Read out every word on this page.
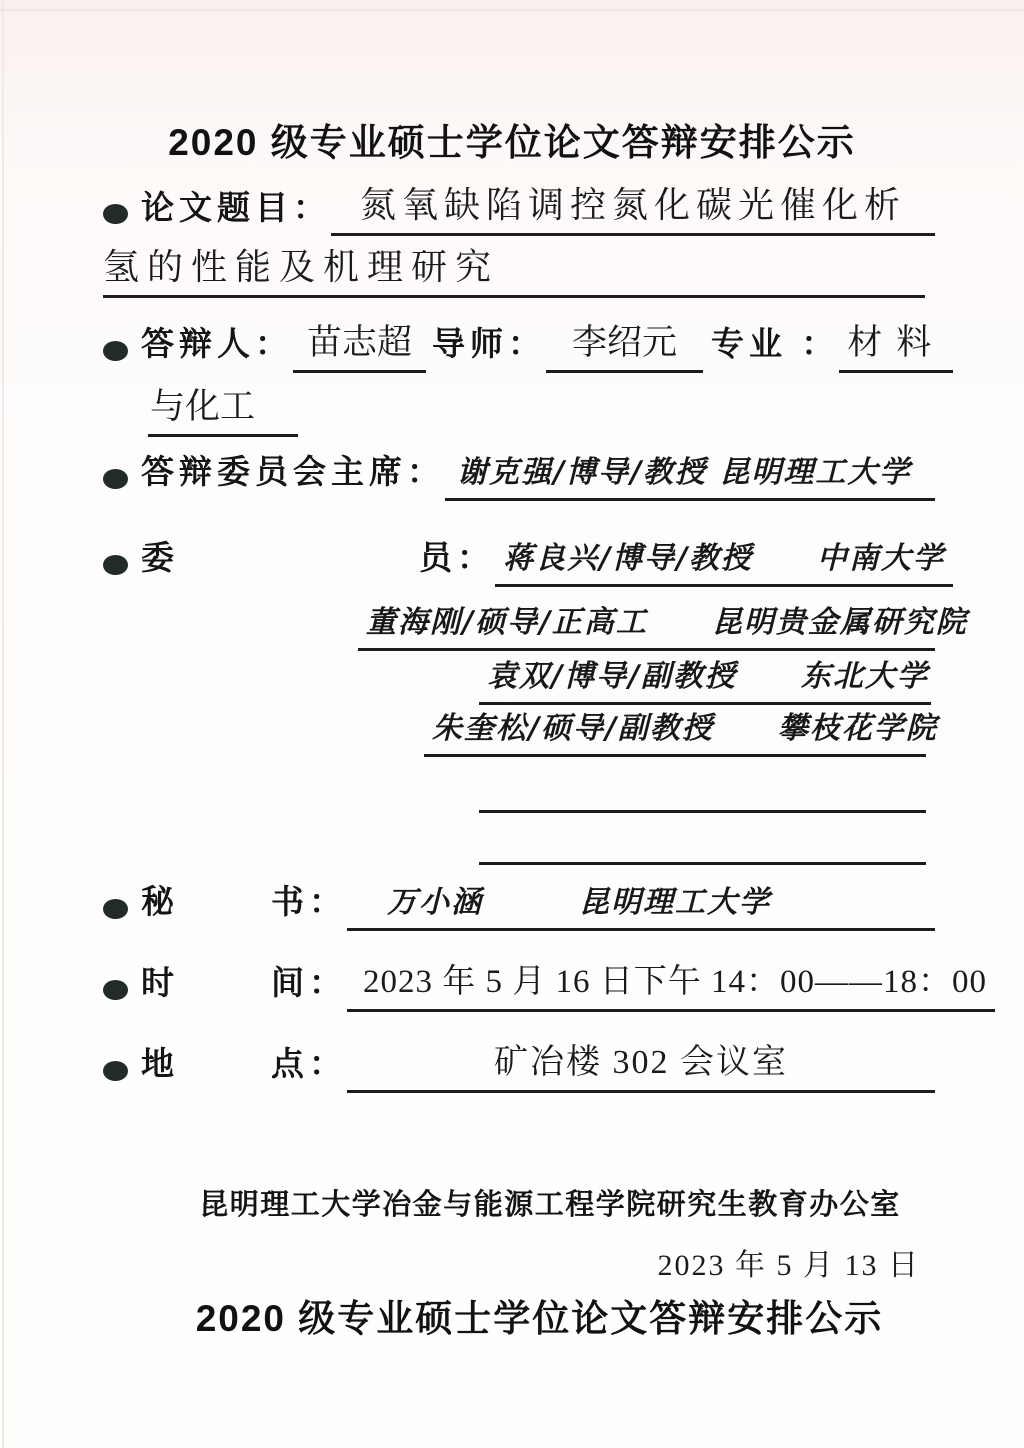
2020 级专业硕士学位论文答辩安排公示
论文题目： 氮氧缺陷调控氮化碳光催化析
氢的性能及机理研究
答辩人： 苗志超 导师： 李绍元	专业 ： 材料
与化工
答辩委员会主席： 谢克强/博导/教授 昆明理工大学
委	员： 蒋良兴/博导/教授　　中南大学
董海刚/硕导/正高工　　昆明贵金属研究院
袁双/博导/副教授　　东北大学
朱奎松/硕导/副教授　　攀枝花学院
秘	书：	万小涵　　　昆明理工大学
时	间： 2023 年 5 月 16 日下午 14：00——18：00
地	点：	矿冶楼 302 会议室
昆明理工大学冶金与能源工程学院研究生教育办公室
2023 年 5 月 13 日
2020 级专业硕士学位论文答辩安排公示
